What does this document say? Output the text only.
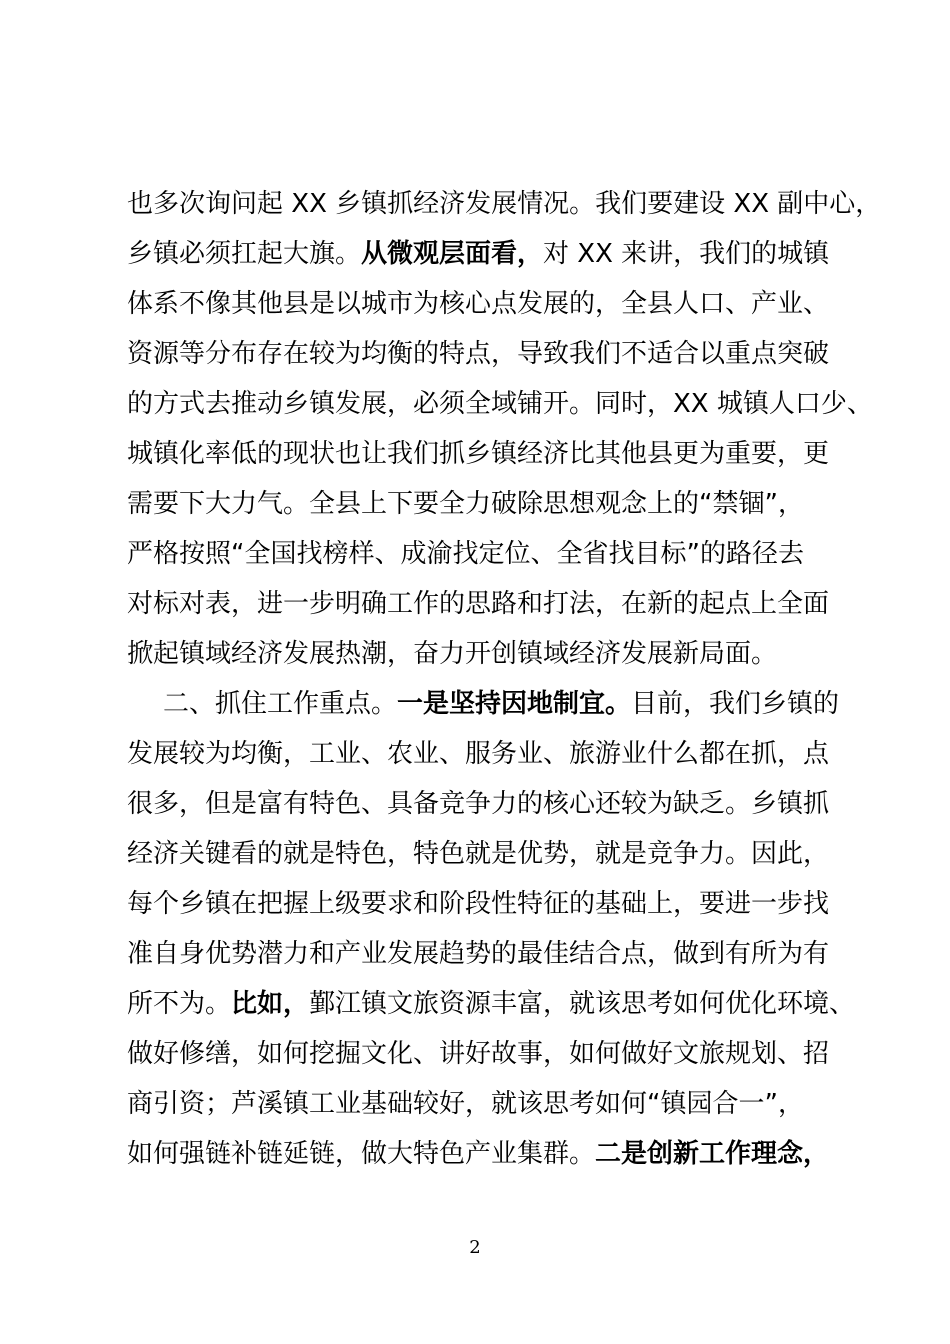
也多次询问起 XX 乡镇抓经济发展情况。我们要建设 XX 副中心，
乡镇必须扛起大旗。从微观层面看，对 XX 来讲，我们的城镇
体系不像其他县是以城市为核心点发展的，全县人口、产业、
资源等分布存在较为均衡的特点，导致我们不适合以重点突破
的方式去推动乡镇发展，必须全域铺开。同时，XX 城镇人口少、
城镇化率低的现状也让我们抓乡镇经济比其他县更为重要，更
需要下大力气。全县上下要全力破除思想观念上的“禁锢”，
严格按照“全国找榜样、成渝找定位、全省找目标”的路径去
对标对表，进一步明确工作的思路和打法，在新的起点上全面
掀起镇域经济发展热潮，奋力开创镇域经济发展新局面。
二、抓住工作重点。一是坚持因地制宜。目前，我们乡镇的
发展较为均衡，工业、农业、服务业、旅游业什么都在抓，点
很多，但是富有特色、具备竞争力的核心还较为缺乏。乡镇抓
经济关键看的就是特色，特色就是优势，就是竞争力。因此，
每个乡镇在把握上级要求和阶段性特征的基础上，要进一步找
准自身优势潜力和产业发展趋势的最佳结合点，做到有所为有
所不为。比如，鄞江镇文旅资源丰富，就该思考如何优化环境、
做好修缮，如何挖掘文化、讲好故事，如何做好文旅规划、招
商引资；芦溪镇工业基础较好，就该思考如何“镇园合一”，
如何强链补链延链，做大特色产业集群。二是创新工作理念，
2
